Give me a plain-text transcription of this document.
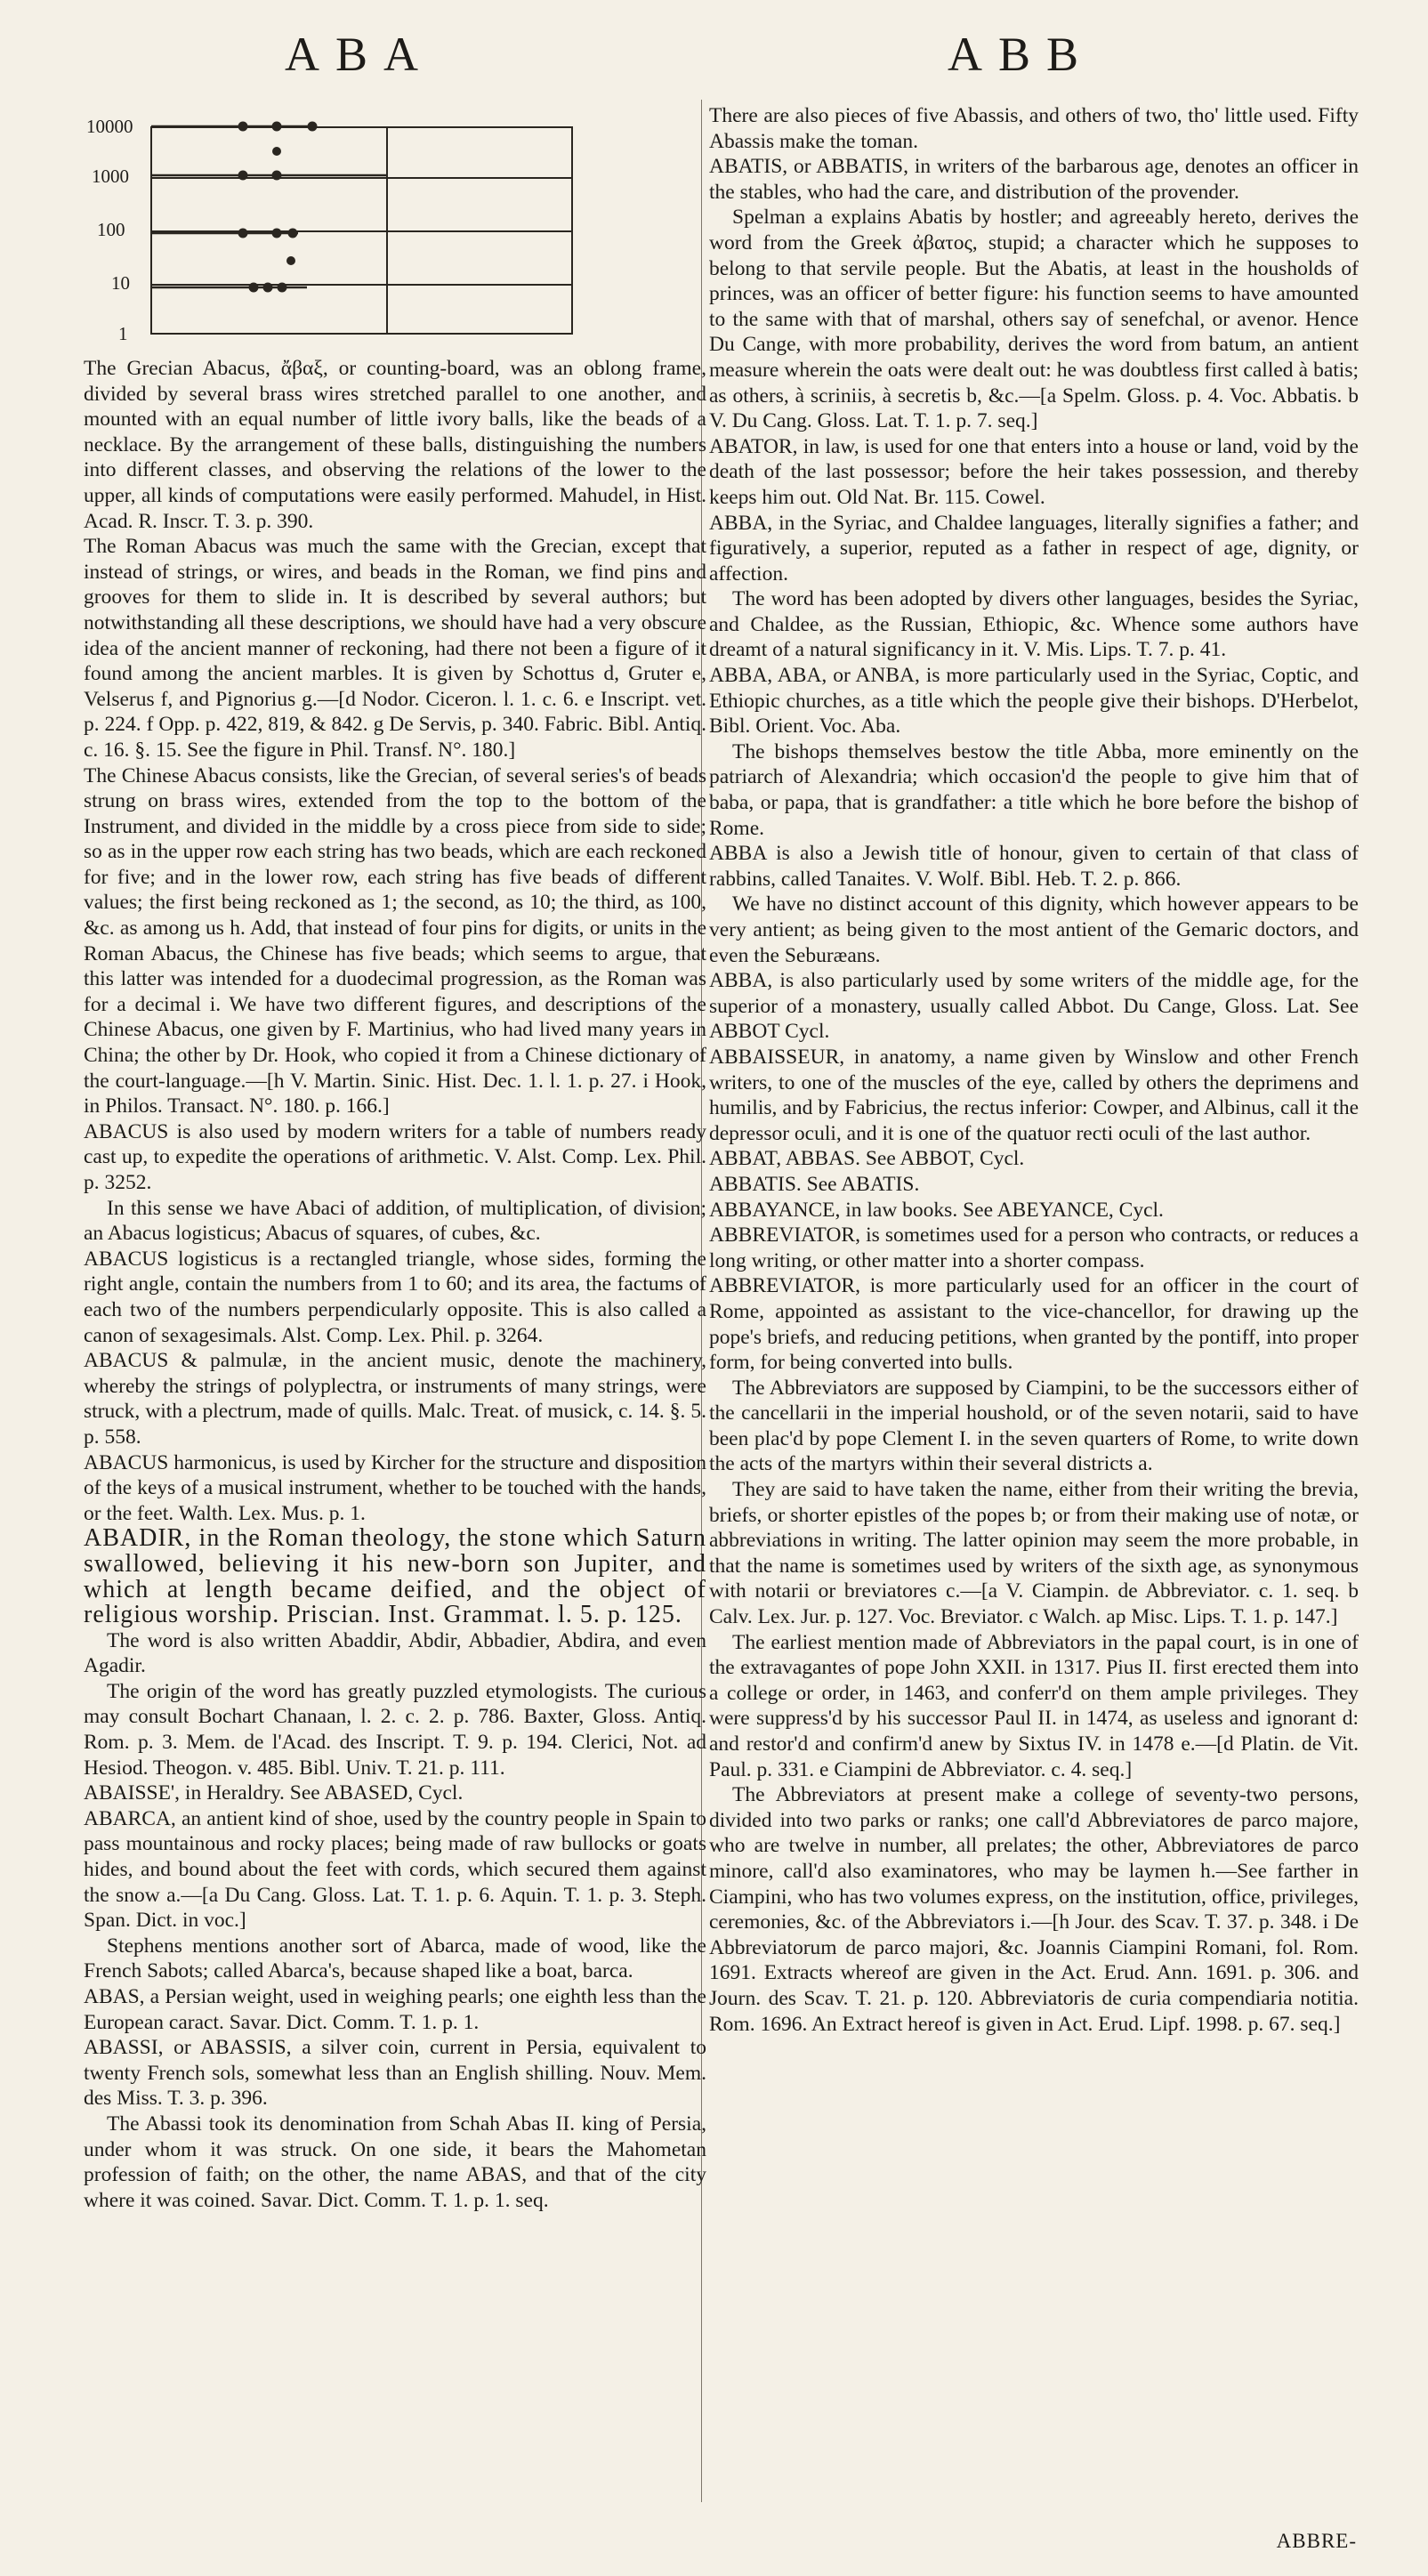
ABA	ABB
10000
1000
100
10
1

The Grecian Abacus, ἄβαξ, or counting-board, was an oblong frame, divided by several brass wires stretched parallel to one another, and mounted with an equal number of little ivory balls, like the beads of a necklace. By the arrangement of these balls, distinguishing the numbers into different classes, and observing the relations of the lower to the upper, all kinds of computations were easily performed. Mahudel, in Hist. Acad. R. Inscr. T. 3. p. 390.

The Roman Abacus was much the same with the Grecian, except that instead of strings, or wires, and beads in the Roman, we find pins and grooves for them to slide in. It is described by several authors; but notwithstanding all these descriptions, we should have had a very obscure idea of the ancient manner of reckoning, had there not been a figure of it found among the ancient marbles. It is given by Schottus d, Gruter e, Velserus f, and Pignorius g.—[d Nodor. Ciceron. l. 1. c. 6. e Inscript. vet. p. 224. f Opp. p. 422, 819, & 842. g De Servis, p. 340. Fabric. Bibl. Antiq. c. 16. §. 15. See the figure in Phil. Transf. N°. 180.]

The Chinese Abacus consists, like the Grecian, of several series's of beads strung on brass wires, extended from the top to the bottom of the Instrument, and divided in the middle by a cross piece from side to side; so as in the upper row each string has two beads, which are each reckoned for five; and in the lower row, each string has five beads of different values; the first being reckoned as 1; the second, as 10; the third, as 100, &c. as among us h. Add, that instead of four pins for digits, or units in the Roman Abacus, the Chinese has five beads; which seems to argue, that this latter was intended for a duodecimal progression, as the Roman was for a decimal i. We have two different figures, and descriptions of the Chinese Abacus, one given by F. Martinius, who had lived many years in China; the other by Dr. Hook, who copied it from a Chinese dictionary of the court-language.—[h V. Martin. Sinic. Hist. Dec. 1. l. 1. p. 27. i Hook, in Philos. Transact. N°. 180. p. 166.]

ABACUS is also used by modern writers for a table of numbers ready cast up, to expedite the operations of arithmetic. V. Alst. Comp. Lex. Phil. p. 3252.

In this sense we have Abaci of addition, of multiplication, of division; an Abacus logisticus; Abacus of squares, of cubes, &c.

ABACUS logisticus is a rectangled triangle, whose sides, forming the right angle, contain the numbers from 1 to 60; and its area, the factums of each two of the numbers perpendicularly opposite. This is also called a canon of sexagesimals. Alst. Comp. Lex. Phil. p. 3264.

ABACUS & palmulæ, in the ancient music, denote the machinery, whereby the strings of polyplectra, or instruments of many strings, were struck, with a plectrum, made of quills. Malc. Treat. of musick, c. 14. §. 5. p. 558.

ABACUS harmonicus, is used by Kircher for the structure and disposition of the keys of a musical instrument, whether to be touched with the hands, or the feet. Walth. Lex. Mus. p. 1.

ABADIR, in the Roman theology, the stone which Saturn swallowed, believing it his new-born son Jupiter, and which at length became deified, and the object of religious worship. Priscian. Inst. Grammat. l. 5. p. 125.

The word is also written Abaddir, Abdir, Abbadier, Abdira, and even Agadir.

The origin of the word has greatly puzzled etymologists. The curious may consult Bochart Chanaan, l. 2. c. 2. p. 786. Baxter, Gloss. Antiq. Rom. p. 3. Mem. de l'Acad. des Inscript. T. 9. p. 194. Clerici, Not. ad Hesiod. Theogon. v. 485. Bibl. Univ. T. 21. p. 111.

ABAISSE', in Heraldry. See ABASED, Cycl.

ABARCA, an antient kind of shoe, used by the country people in Spain to pass mountainous and rocky places; being made of raw bullocks or goats hides, and bound about the feet with cords, which secured them against the snow a.—[a Du Cang. Gloss. Lat. T. 1. p. 6. Aquin. T. 1. p. 3. Steph. Span. Dict. in voc.]

Stephens mentions another sort of Abarca, made of wood, like the French Sabots; called Abarca's, because shaped like a boat, barca.

ABAS, a Persian weight, used in weighing pearls; one eighth less than the European caract. Savar. Dict. Comm. T. 1. p. 1.

ABASSI, or ABASSIS, a silver coin, current in Persia, equivalent to twenty French sols, somewhat less than an English shilling. Nouv. Mem. des Miss. T. 3. p. 396.

The Abassi took its denomination from Schah Abas II. king of Persia, under whom it was struck. On one side, it bears the Mahometan profession of faith; on the other, the name ABAS, and that of the city where it was coined. Savar. Dict. Comm. T. 1. p. 1. seq.

There are also pieces of five Abassis, and others of two, tho' little used. Fifty Abassis make the toman.

ABATIS, or ABBATIS, in writers of the barbarous age, denotes an officer in the stables, who had the care, and distribution of the provender.

Spelman a explains Abatis by hostler; and agreeably hereto, derives the word from the Greek ἀβατος, stupid; a character which he supposes to belong to that servile people. But the Abatis, at least in the housholds of princes, was an officer of better figure: his function seems to have amounted to the same with that of marshal, others say of senefchal, or avenor. Hence Du Cange, with more probability, derives the word from batum, an antient measure wherein the oats were dealt out: he was doubtless first called à batis; as others, à scriniis, à secretis b, &c.—[a Spelm. Gloss. p. 4. Voc. Abbatis. b V. Du Cang. Gloss. Lat. T. 1. p. 7. seq.]

ABATOR, in law, is used for one that enters into a house or land, void by the death of the last possessor; before the heir takes possession, and thereby keeps him out. Old Nat. Br. 115. Cowel.

ABBA, in the Syriac, and Chaldee languages, literally signifies a father; and figuratively, a superior, reputed as a father in respect of age, dignity, or affection.

The word has been adopted by divers other languages, besides the Syriac, and Chaldee, as the Russian, Ethiopic, &c. Whence some authors have dreamt of a natural significancy in it. V. Mis. Lips. T. 7. p. 41.

ABBA, ABA, or ANBA, is more particularly used in the Syriac, Coptic, and Ethiopic churches, as a title which the people give their bishops. D'Herbelot, Bibl. Orient. Voc. Aba.

The bishops themselves bestow the title Abba, more eminently on the patriarch of Alexandria; which occasion'd the people to give him that of baba, or papa, that is grandfather: a title which he bore before the bishop of Rome.

ABBA is also a Jewish title of honour, given to certain of that class of rabbins, called Tanaites. V. Wolf. Bibl. Heb. T. 2. p. 866.

We have no distinct account of this dignity, which however appears to be very antient; as being given to the most antient of the Gemaric doctors, and even the Seburæans.

ABBA, is also particularly used by some writers of the middle age, for the superior of a monastery, usually called Abbot. Du Cange, Gloss. Lat. See ABBOT Cycl.

ABBAISSEUR, in anatomy, a name given by Winslow and other French writers, to one of the muscles of the eye, called by others the deprimens and humilis, and by Fabricius, the rectus inferior: Cowper, and Albinus, call it the depressor oculi, and it is one of the quatuor recti oculi of the last author.

ABBAT, ABBAS. See ABBOT, Cycl.

ABBATIS. See ABATIS.

ABBAYANCE, in law books. See ABEYANCE, Cycl.

ABBREVIATOR, is sometimes used for a person who contracts, or reduces a long writing, or other matter into a shorter compass.

ABBREVIATOR, is more particularly used for an officer in the court of Rome, appointed as assistant to the vice-chancellor, for drawing up the pope's briefs, and reducing petitions, when granted by the pontiff, into proper form, for being converted into bulls.

The Abbreviators are supposed by Ciampini, to be the successors either of the cancellarii in the imperial houshold, or of the seven notarii, said to have been plac'd by pope Clement I. in the seven quarters of Rome, to write down the acts of the martyrs within their several districts a.

They are said to have taken the name, either from their writing the brevia, briefs, or shorter epistles of the popes b; or from their making use of notæ, or abbreviations in writing. The latter opinion may seem the more probable, in that the name is sometimes used by writers of the sixth age, as synonymous with notarii or breviatores c.—[a V. Ciampin. de Abbreviator. c. 1. seq. b Calv. Lex. Jur. p. 127. Voc. Breviator. c Walch. ap Misc. Lips. T. 1. p. 147.]

The earliest mention made of Abbreviators in the papal court, is in one of the extravagantes of pope John XXII. in 1317. Pius II. first erected them into a college or order, in 1463, and conferr'd on them ample privileges. They were suppress'd by his successor Paul II. in 1474, as useless and ignorant d: and restor'd and confirm'd anew by Sixtus IV. in 1478 e.—[d Platin. de Vit. Paul. p. 331. e Ciampini de Abbreviator. c. 4. seq.]

The Abbreviators at present make a college of seventy-two persons, divided into two parks or ranks; one call'd Abbreviatores de parco majore, who are twelve in number, all prelates; the other, Abbreviatores de parco minore, call'd also examinatores, who may be laymen h.—See farther in Ciampini, who has two volumes express, on the institution, office, privileges, ceremonies, &c. of the Abbreviators i.—[h Jour. des Scav. T. 37. p. 348. i De Abbreviatorum de parco majori, &c. Joannis Ciampini Romani, fol. Rom. 1691. Extracts whereof are given in the Act. Erud. Ann. 1691. p. 306. and Journ. des Scav. T. 21. p. 120. Abbreviatoris de curia compendiaria notitia. Rom. 1696. An Extract hereof is given in Act. Erud. Lipf. 1998. p. 67. seq.]

ABBRE-
